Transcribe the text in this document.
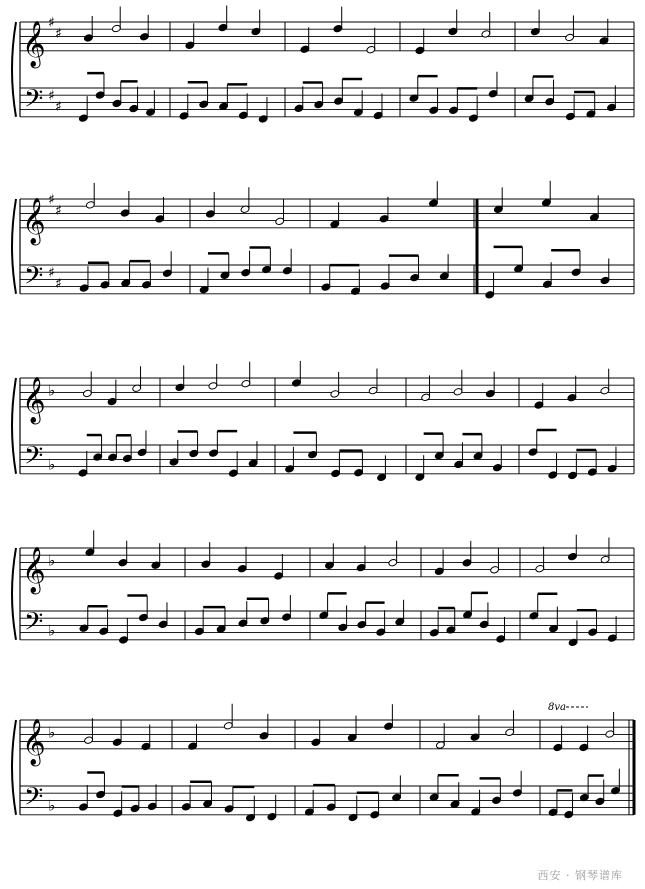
𝄞
𝄢
♯
♯
♯
♯
𝄞
𝄢
♯
♯
♯
♯
𝄞
𝄢
♭
♭
𝄞
𝄢
♭
♭
𝄞
𝄢
♭
♭
8va
西安 · 钢琴谱库
